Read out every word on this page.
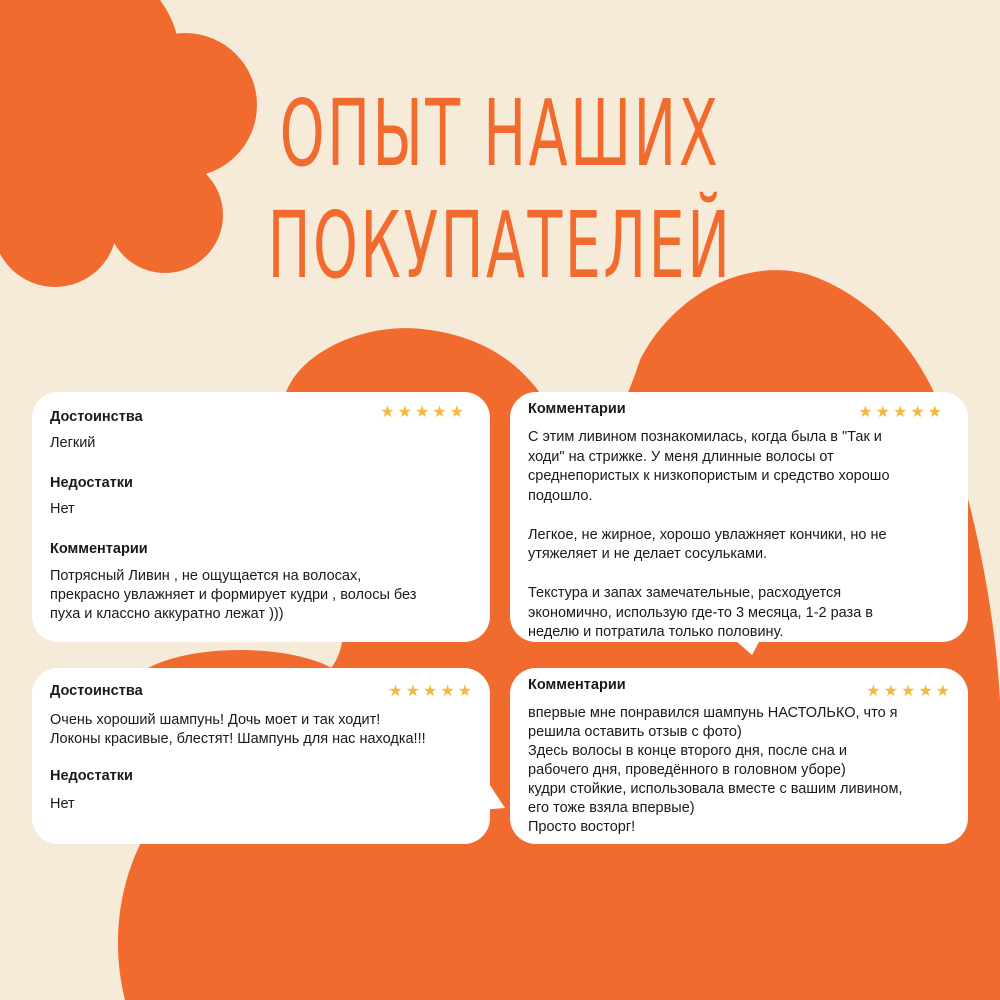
ОПЫТ НАШИХ
ПОКУПАТЕЛЕЙ
★ ★ ★ ★ ★
Достоинства
Легкий
Недостатки
Нет
Комментарии
Потрясный Ливин , не ощущается на волосах,
прекрасно увлажняет и формирует кудри , волосы без
пуха и классно аккуратно лежат )))
★ ★ ★ ★ ★
Комментарии
С этим ливином познакомилась, когда была в "Так и
ходи" на стрижке. У меня длинные волосы от
среднепористых к низкопористым и средство хорошо
подошло.

Легкое, не жирное, хорошо увлажняет кончики, но не
утяжеляет и не делает сосульками.

Текстура и запах замечательные, расходуется
экономично, использую где-то 3 месяца, 1-2 раза в
неделю и потратила только половину.
★ ★ ★ ★ ★
Достоинства
Очень хороший шампунь! Дочь моет и так ходит!
Локоны красивые, блестят! Шампунь для нас находка!!!
Недостатки
Нет
★ ★ ★ ★ ★
Комментарии
впервые мне понравился шампунь НАСТОЛЬКО, что я
решила оставить отзыв с фото)
Здесь волосы в конце второго дня, после сна и
рабочего дня, проведённого в головном уборе)
кудри стойкие, использовала вместе с вашим ливином,
его тоже взяла впервые)
Просто восторг!
